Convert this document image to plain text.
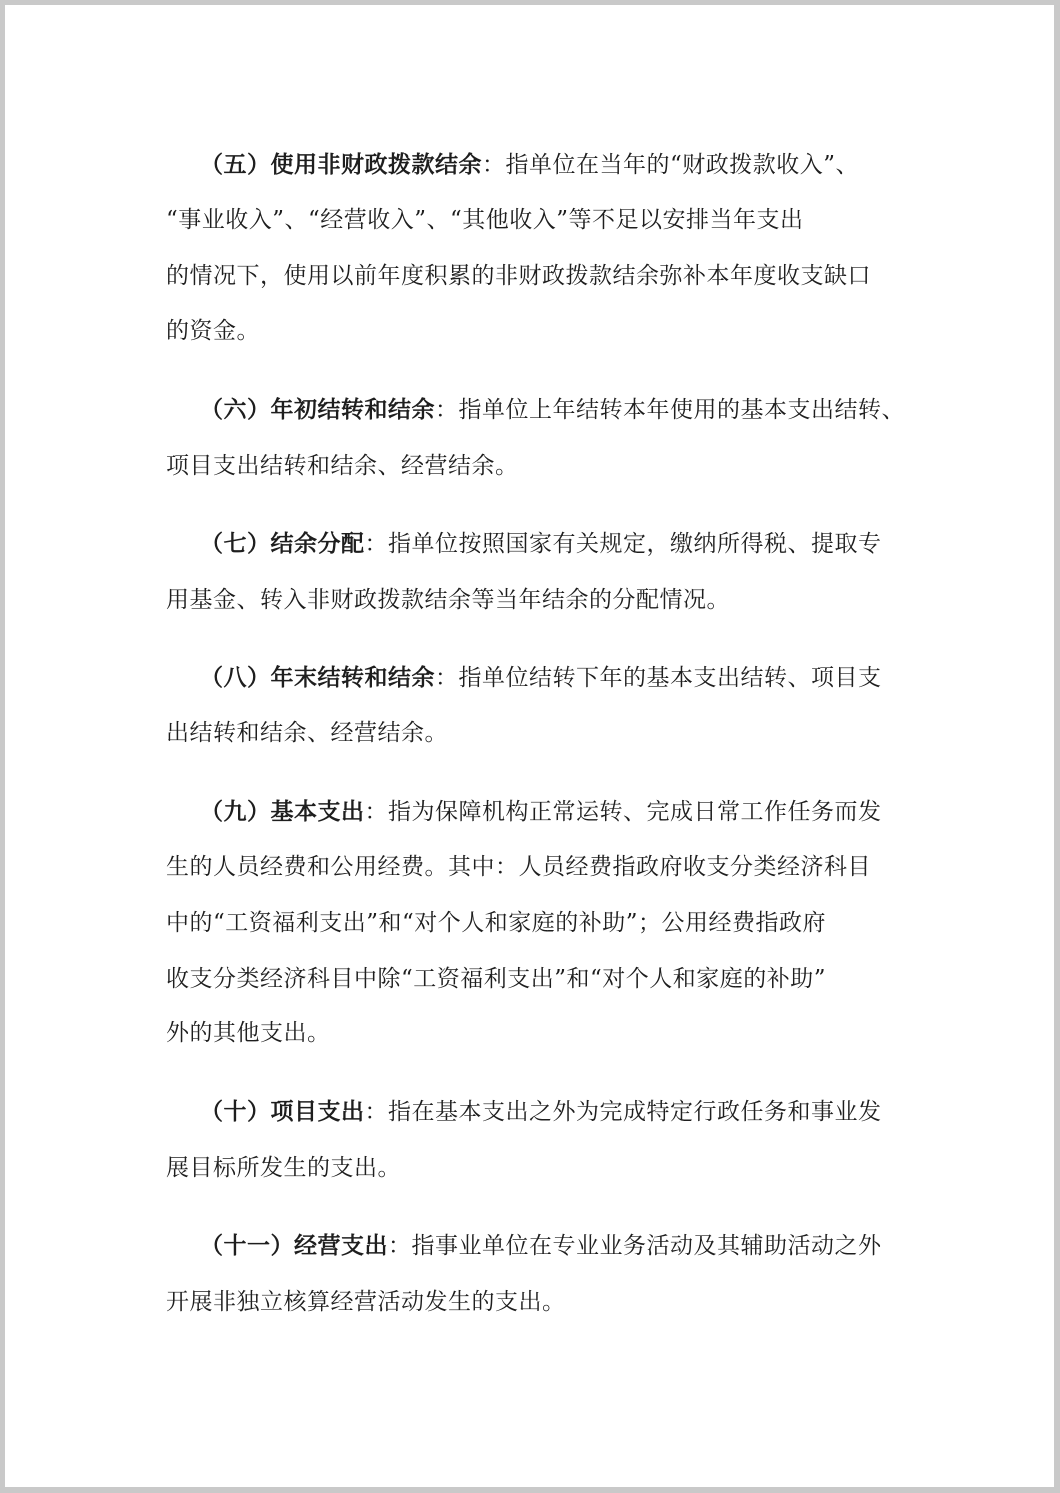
（五）使用非财政拨款结余：指单位在当年的“财政拨款收入”、
“事业收入”、“经营收入”、“其他收入”等不足以安排当年支出
的情况下，使用以前年度积累的非财政拨款结余弥补本年度收支缺口
的资金。
（六）年初结转和结余：指单位上年结转本年使用的基本支出结转、
项目支出结转和结余、经营结余。
（七）结余分配：指单位按照国家有关规定，缴纳所得税、提取专
用基金、转入非财政拨款结余等当年结余的分配情况。
（八）年末结转和结余：指单位结转下年的基本支出结转、项目支
出结转和结余、经营结余。
（九）基本支出：指为保障机构正常运转、完成日常工作任务而发
生的人员经费和公用经费。其中：人员经费指政府收支分类经济科目
中的“工资福利支出”和“对个人和家庭的补助”；公用经费指政府
收支分类经济科目中除“工资福利支出”和“对个人和家庭的补助”
外的其他支出。
（十）项目支出：指在基本支出之外为完成特定行政任务和事业发
展目标所发生的支出。
（十一）经营支出：指事业单位在专业业务活动及其辅助活动之外
开展非独立核算经营活动发生的支出。
